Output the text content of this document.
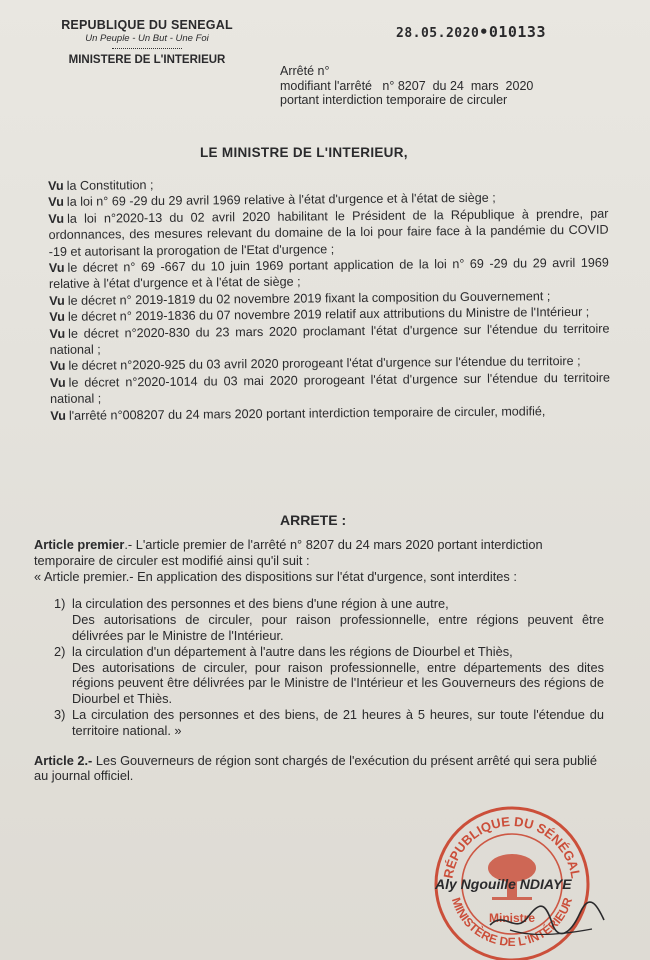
REPUBLIQUE DU SENEGAL
Un Peuple - Un But - Une Foi
MINISTERE DE L'INTERIEUR
28.05.2020•010133
Arrêté n°
modifiant l'arrêté   n° 8207  du 24  mars  2020
portant interdiction temporaire de circuler
LE MINISTRE DE L'INTERIEUR,

Vu la Constitution ;

Vu la loi n° 69 -29 du 29 avril 1969 relative à l'état d'urgence et à l'état de siège ;

Vu la loi n°2020-13 du 02 avril 2020 habilitant le Président de la République à prendre, par ordonnances, des mesures relevant du domaine de la loi pour faire face à la pandémie du COVID -19 et autorisant la prorogation de l'Etat d'urgence ;

Vu le décret n° 69 -667 du 10 juin 1969 portant application de la loi n° 69 -29 du 29 avril 1969 relative à l'état d'urgence et à l'état de siège ;

Vu le décret n° 2019-1819 du 02 novembre 2019 fixant la composition du Gouvernement ;

Vu le décret n° 2019-1836 du 07 novembre 2019 relatif aux attributions du Ministre de l'Intérieur ;

Vu le décret n°2020-830 du 23 mars 2020 proclamant l'état d'urgence sur l'étendue du territoire national ;

Vu le décret n°2020-925 du 03 avril 2020 prorogeant l'état d'urgence sur l'étendue du territoire ;

Vu le décret n°2020-1014 du 03 mai 2020 prorogeant l'état d'urgence sur l'étendue du territoire national ;

Vu l'arrêté n°008207 du 24 mars 2020 portant interdiction temporaire de circuler, modifié,

ARRETE :

Article premier.- L'article premier de l'arrêté n° 8207 du 24 mars 2020 portant interdiction temporaire de circuler est modifié ainsi qu'il suit :

« Article premier.- En application des dispositions sur l'état d'urgence, sont interdites :

1) la circulation des personnes et des biens d'une région à une autre,
Des autorisations de circuler, pour raison professionnelle, entre régions peuvent être délivrées par le Ministre de l'Intérieur.
2) la circulation d'un département à l'autre dans les régions de Diourbel et Thiès,
Des autorisations de circuler, pour raison professionnelle, entre départements des dites régions peuvent être délivrées par le Ministre de l'Intérieur et les Gouverneurs des régions de Diourbel et Thiès.
3) La circulation des personnes et des biens, de 21 heures à 5 heures, sur toute l'étendue du territoire national. »
Article 2.- Les Gouverneurs de région sont chargés de l'exécution du présent arrêté qui sera publié au journal officiel.
RÉPUBLIQUE DU SÉNÉGAL
MINISTÈRE DE L'INTÉRIEUR
Ministre
Aly Ngouille NDIAYE
